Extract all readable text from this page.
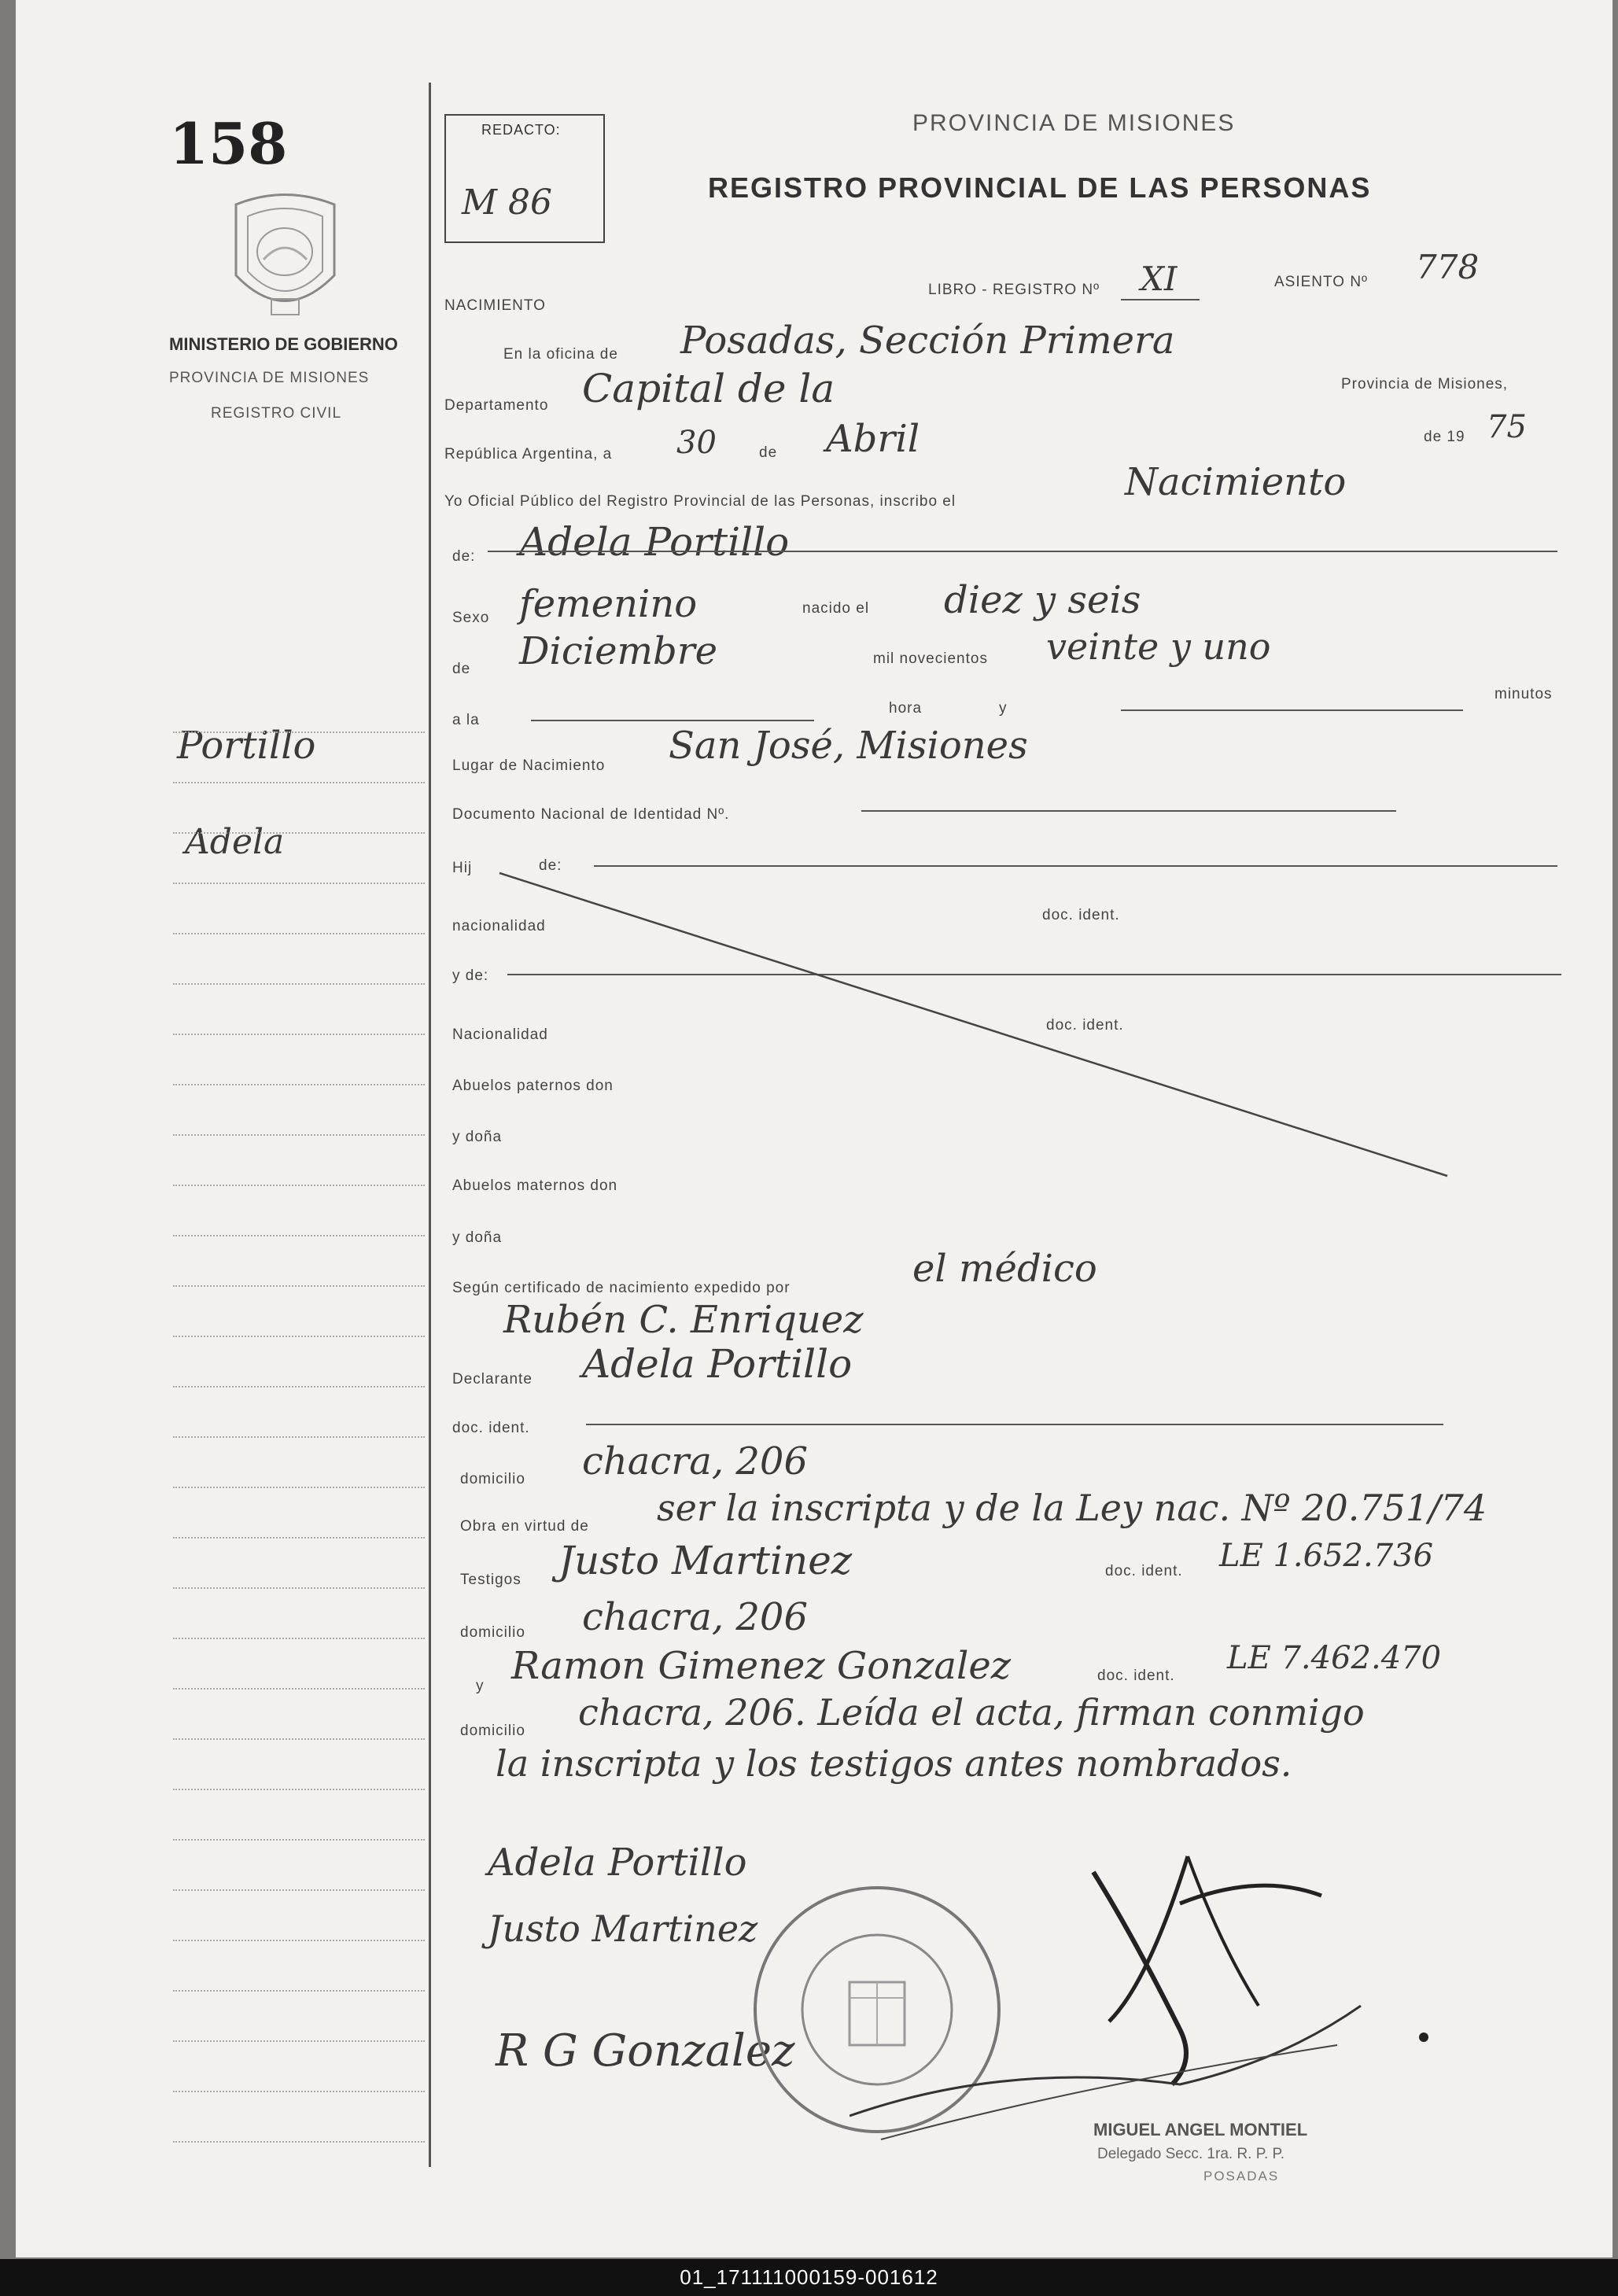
158
MINISTERIO DE GOBIERNO
PROVINCIA DE MISIONES
REGISTRO CIVIL
Portillo
Adela
REDACTO:
M 86
PROVINCIA DE MISIONES
REGISTRO PROVINCIAL DE LAS PERSONAS
NACIMIENTO
LIBRO - REGISTRO Nº XI	ASIENTO Nº 778
En la oficina de Posadas, Sección Primera
Departamento Capital de la	Provincia de Misiones,
República Argentina, a 30	de Abril	de 19 75
Yo Oficial Público del Registro Provincial de las Personas, inscribo el	Nacimiento
de: Adela Portillo
Sexo femenino	nacido el diez y seis
de Diciembre	mil novecientos veinte y uno
a la
hora	y
minutos
Lugar de Nacimiento San José, Misiones
Documento Nacional de Identidad Nº.
Hij	de:
nacionalidad
doc. ident.
y de:
Nacionalidad
doc. ident.
Abuelos paternos don
y doña
Abuelos maternos don
y doña
Según certificado de nacimiento expedido por	el médico
Rubén C. Enriquez
Declarante Adela Portillo
doc. ident.
domicilio chacra, 206
Obra en virtud de ser la inscripta y de la Ley nac. Nº 20.751/74
Testigos Justo Martinez	doc. ident. LE 1.652.736
domicilio chacra, 206
y Ramon Gimenez Gonzalez	doc. ident. LE 7.462.470
domicilio chacra, 206. Leída el acta, firman conmigo
la inscripta y los testigos antes nombrados.
Adela Portillo
Justo Martinez
R G Gonzalez
MIGUEL ANGEL MONTIEL
Delegado Secc. 1ra. R. P. P.
POSADAS
01_171111000159-001612
